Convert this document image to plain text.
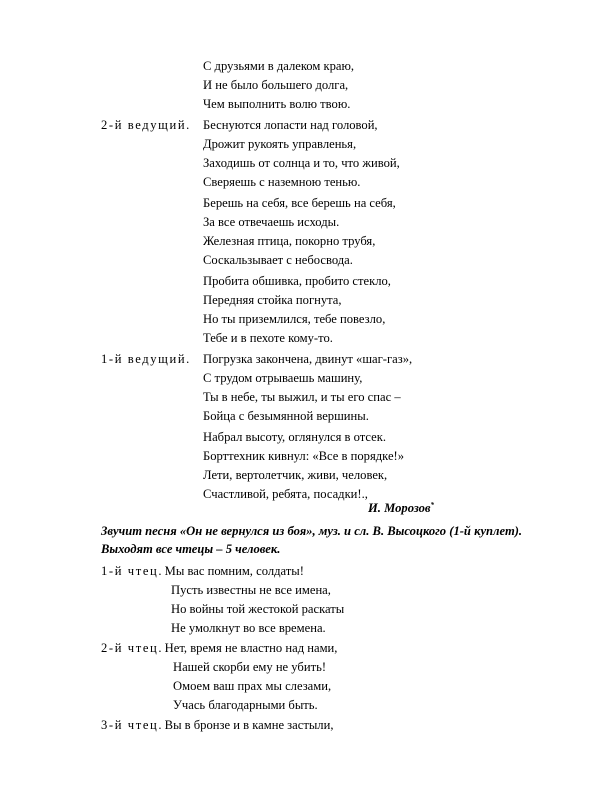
С друзьями в далеком краю,
И не было большего долга,
Чем выполнить волю твою.
2-й ведущий. Беснуются лопасти над головой,
Дрожит рукоять управленья,
Заходишь от солнца и то, что живой,
Сверяешь с наземною тенью.
Берешь на себя, все берешь на себя,
За все отвечаешь исходы.
Железная птица, покорно трубя,
Соскальзывает с небосвода.
Пробита обшивка, пробито стекло,
Передняя стойка погнута,
Но ты приземлился, тебе повезло,
Тебе и в пехоте кому-то.
1-й ведущий. Погрузка закончена, двинут «шаг-газ»,
С трудом отрываешь машину,
Ты в небе, ты выжил, и ты его спас –
Бойца с безымянной вершины.
Набрал высоту, оглянулся в отсек.
Борттехник кивнул: «Все в порядке!»
Лети, вертолетчик, живи, человек,
Счастливой, ребята, посадки!.,
И. Морозов*
Звучит песня «Он не вернулся из боя», муз. и сл. В. Высоцкого (1-й куплет).
Выходят все чтецы – 5 человек.
1-й чтец. Мы вас помним, солдаты!
Пусть известны не все имена,
Но войны той жестокой раскаты
Не умолкнут во все времена.
2-й чтец. Нет, время не властно над нами,
Нашей скорби ему не убить!
Омоем ваш прах мы слезами,
Учась благодарными быть.
3-й чтец. Вы в бронзе и в камне застыли,
